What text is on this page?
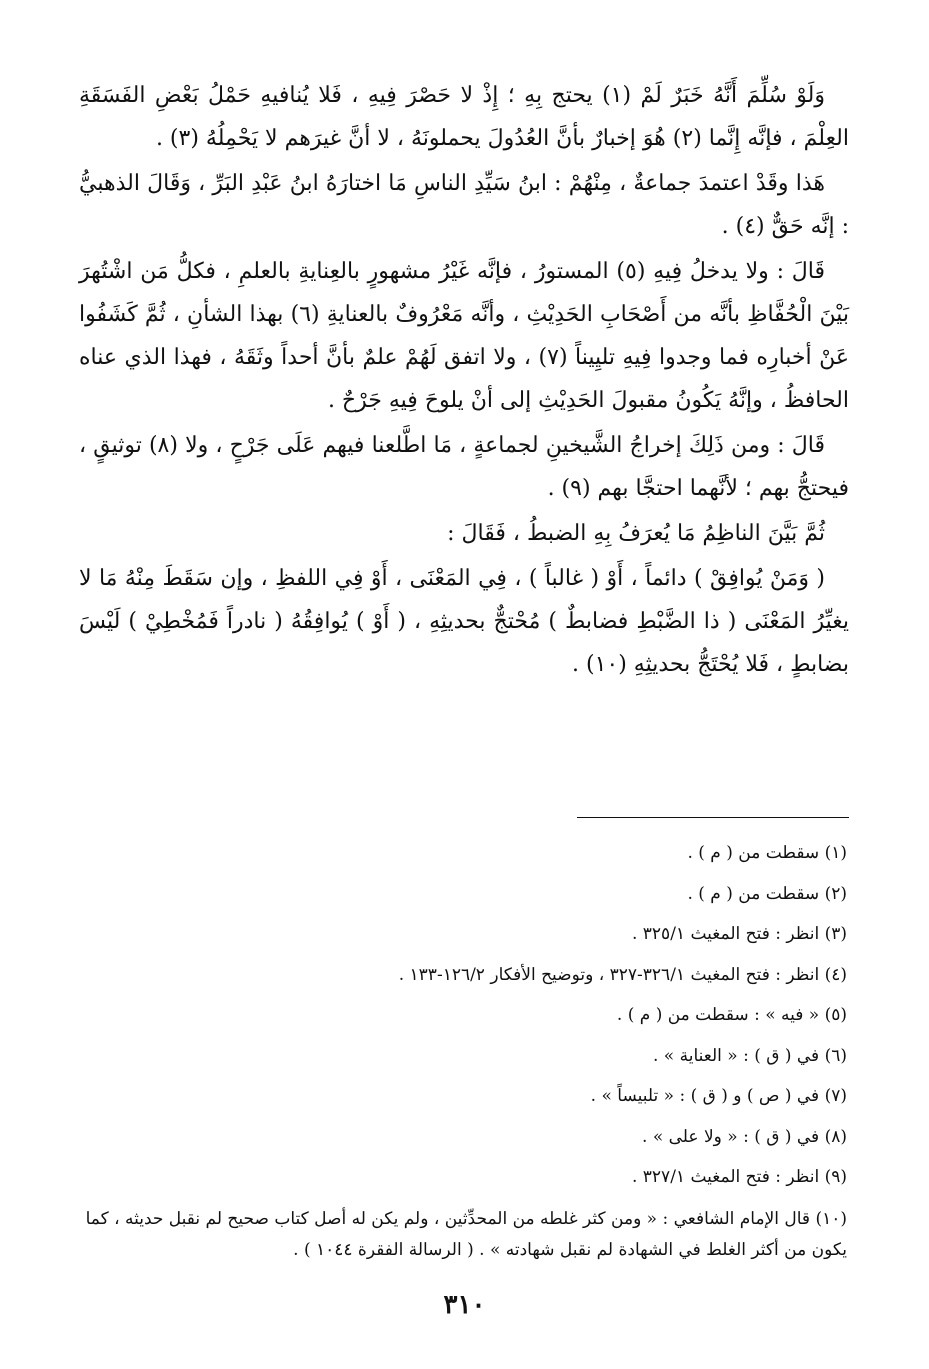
وَلَوْ سُلِّمَ أَنَّهُ خَبَرٌ لَمْ (١) يحتج بِهِ ؛ إِذْ لا حَصْرَ فِيهِ ، فَلا يُنافيهِ حَمْلُ بَعْضِ الفَسَقَةِ العِلْمَ ، فإنَّه إِنَّما (٢) هُوَ إخبارٌ بأنَّ العُدُولَ يحملونَهُ ، لا أنَّ غيرَهم لا يَحْمِلُهُ (٣) .

هَذا وقَدْ اعتمدَ جماعةٌ ، مِنْهُمْ : ابنُ سَيِّدِ الناسِ مَا اختارَهُ ابنُ عَبْدِ البَرِّ ، وَقَالَ الذهبيُّ : إنَّه حَقٌّ (٤) .

قَالَ : ولا يدخلُ فِيهِ (٥) المستورُ ، فإنَّه غَيْرُ مشهورٍ بالعِنايةِ بالعلمِ ، فكلُّ مَن اشْتُهرَ بَيْنَ الْحُفَّاظِ بأنَّه من أَصْحَابِ الحَدِيْثِ ، وأنَّه مَعْرُوفٌ بالعنايةِ (٦) بهذا الشأنِ ، ثُمَّ كَشَفُوا عَنْ أخبارِه فما وجدوا فِيهِ تليِيناً (٧) ، ولا اتفق لَهُمْ علمٌ بأنَّ أحداً وثَقَهُ ، فهذا الذي عناه الحافظُ ، وإنَّهُ يَكُونُ مقبولَ الحَدِيْثِ إلى أنْ يلوحَ فِيهِ جَرْحٌ .

قَالَ : ومن ذَلِكَ إخراجُ الشَّيخينِ لجماعةٍ ، مَا اطَّلعنا فيهم عَلَى جَرْحٍ ، ولا (٨) توثيقٍ ، فيحتجُّ بهم ؛ لأنَّهما احتجَّا بهم (٩) .

ثُمَّ بَيَّنَ الناظِمُ مَا يُعرَفُ بِهِ الضبطُ ، فَقَالَ :

( وَمَنْ يُوافِقْ ) دائماً ، أَوْ ( غالباً ) ، فِي المَعْنَى ، أَوْ فِي اللفظِ ، وإن سَقَطَ مِنْهُ مَا لا يغيِّرُ المَعْنَى ( ذا الضَّبْطِ فضابطٌ ) مُحْتجٌّ بحديثِهِ ، ( أَوْ ) يُوافِقُهُ ( نادراً فَمُخْطِيْ ) لَيْسَ بضابطٍ ، فَلا يُحْتَجُّ بحديثِهِ (١٠) .

(١) سقطت من ( م ) .

(٢) سقطت من ( م ) .

(٣) انظر : فتح المغيث ٣٢٥/١ .

(٤) انظر : فتح المغيث ٣٢٦/١-٣٢٧ ، وتوضيح الأفكار ١٢٦/٢-١٣٣ .

(٥) « فيه » : سقطت من ( م ) .

(٦) في ( ق ) : « العناية » .

(٧) في ( ص ) و ( ق ) : « تلبيساً » .

(٨) في ( ق ) : « ولا على » .

(٩) انظر : فتح المغيث ٣٢٧/١ .

(١٠) قال الإمام الشافعي : « ومن كثر غلطه من المحدِّثين ، ولم يكن له أصل كتاب صحيح لم نقبل حديثه ، كما يكون من أكثر الغلط في الشهادة لم نقبل شهادته » . ( الرسالة الفقرة ١٠٤٤ ) .

٣١٠
